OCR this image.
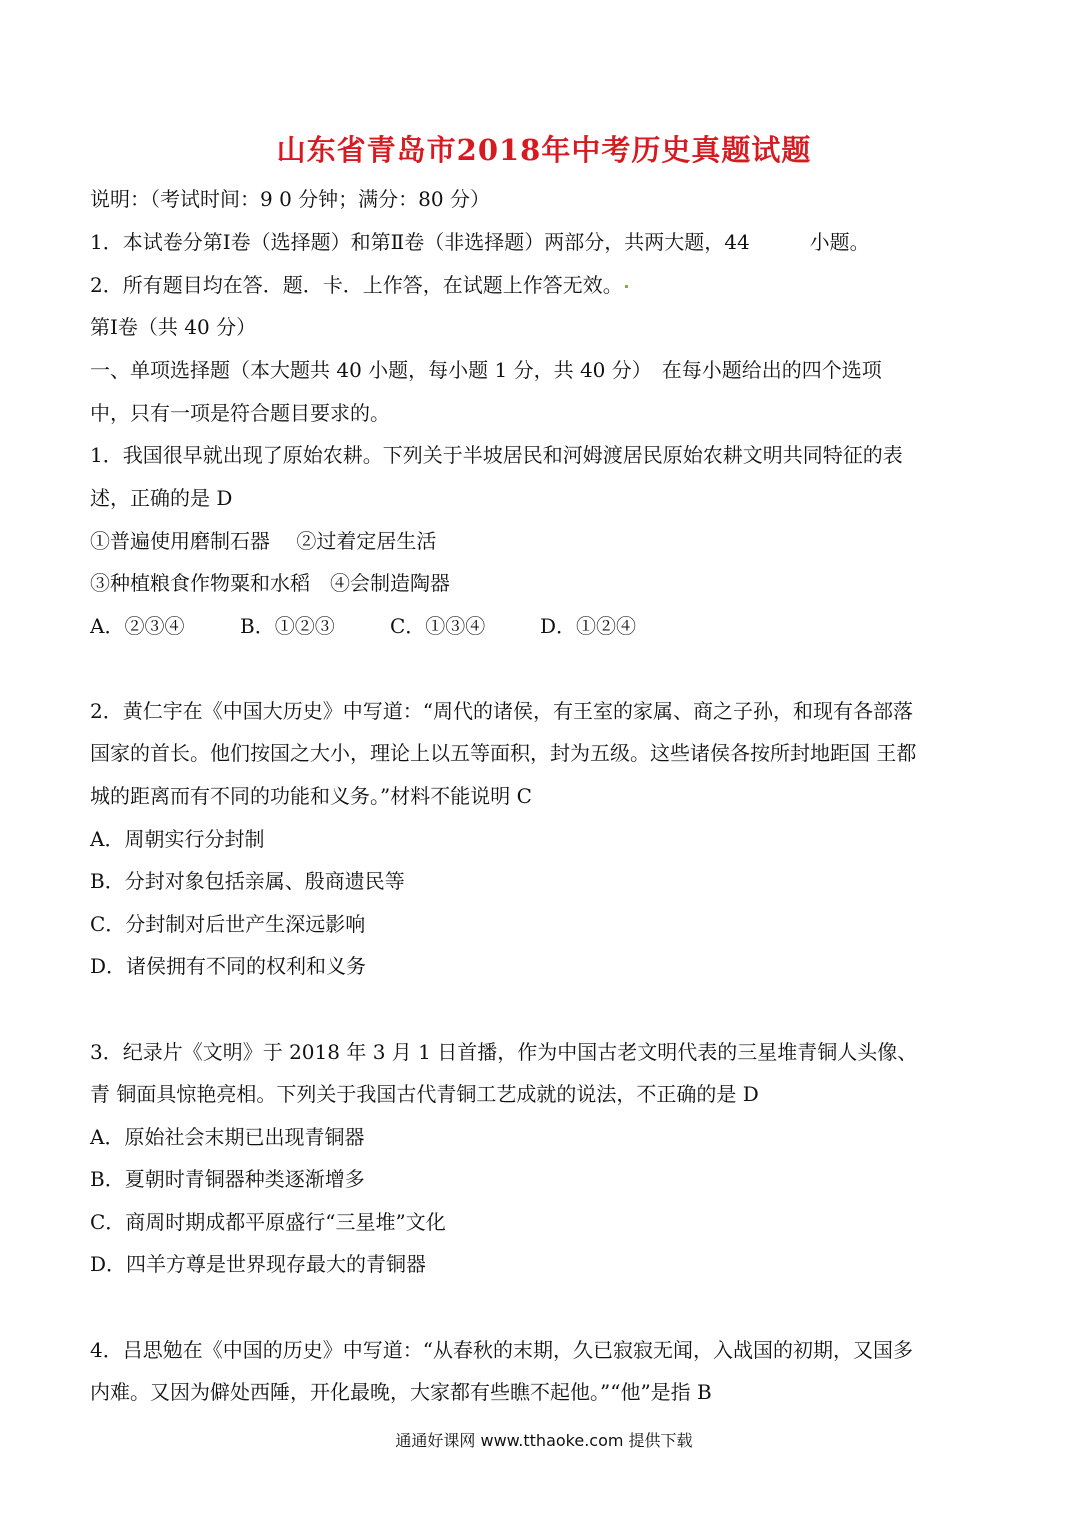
山东省青岛市2018年中考历史真题试题
说明：（考试时间：9 0 分钟；满分：80 分）
1．本试卷分第Ⅰ卷（选择题）和第Ⅱ卷（非选择题）两部分，共两大题，44　　　小题。
2．所有题目均在答．题．卡．上作答，在试题上作答无效。
第Ⅰ卷（共 40 分）
一、单项选择题（本大题共 40 小题，每小题 1 分，共 40 分）　在每小题给出的四个选项
中，只有一项是符合题目要求的。
1．我国很早就出现了原始农耕。下列关于半坡居民和河姆渡居民原始农耕文明共同特征的表
述，正确的是 D
①普遍使用磨制石器　 ②过着定居生活
③种植粮食作物粟和水稻　④会制造陶器
A．②③④	B．①②③	C．①③④	D．①②④
2．黄仁宇在《中国大历史》中写道：“周代的诸侯，有王室的家属、商之子孙，和现有各部落
国家的首长。他们按国之大小，理论上以五等面积，封为五级。这些诸侯各按所封地距国 王都
城的距离而有不同的功能和义务。”材料不能说明 C
A．周朝实行分封制
B．分封对象包括亲属、殷商遗民等
C．分封制对后世产生深远影响
D．诸侯拥有不同的权利和义务
3．纪录片《文明》于 2018 年 3 月 1 日首播，作为中国古老文明代表的三星堆青铜人头像、
青 铜面具惊艳亮相。下列关于我国古代青铜工艺成就的说法，不正确的是 D
A．原始社会末期已出现青铜器
B．夏朝时青铜器种类逐渐增多
C．商周时期成都平原盛行“三星堆”文化
D．四羊方尊是世界现存最大的青铜器
4．吕思勉在《中国的历史》中写道：“从春秋的末期，久已寂寂无闻，入战国的初期，又国多
内难。又因为僻处西陲，开化最晚，大家都有些瞧不起他。”“他”是指 B
通通好课网 www.tthaoke.com 提供下载
